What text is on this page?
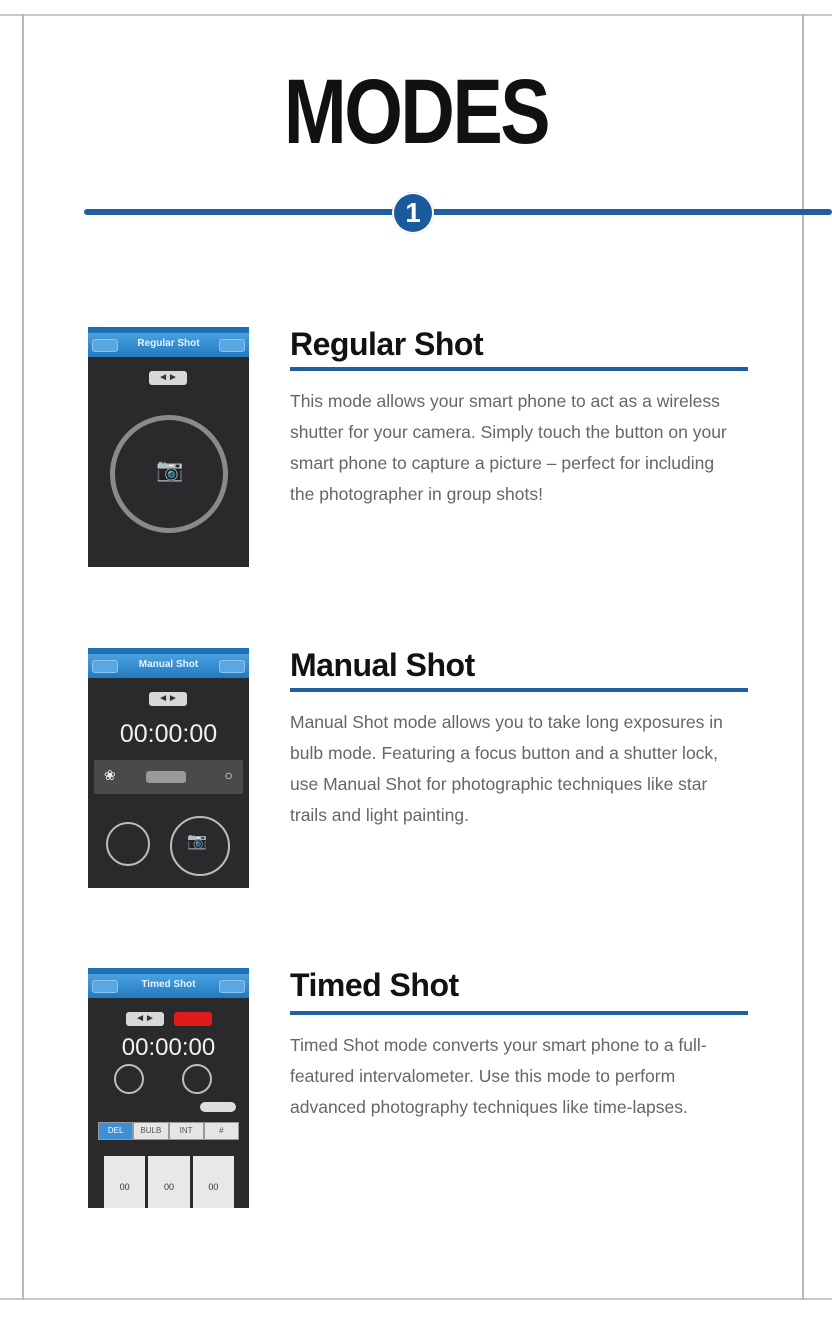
MODES
1
Regular Shot
◄►
📷
Regular Shot
This mode allows your smart phone to act as a wireless shutter for your camera. Simply touch the button on your smart phone to capture a picture – perfect for including the photographer in group shots!
Manual Shot
◄►
00:00:00
❀	○
📷
Manual Shot
Manual Shot mode allows you to take long exposures in bulb mode. Featuring a focus button and a shutter lock, use Manual Shot for photographic techniques like star trails and light painting.
Timed Shot
◄►
00:00:00
DEL	BULB	INT	#
00	00	00
Timed Shot
Timed Shot mode converts your smart phone to a full-featured intervalometer. Use this mode to perform advanced photography techniques like time-lapses.
